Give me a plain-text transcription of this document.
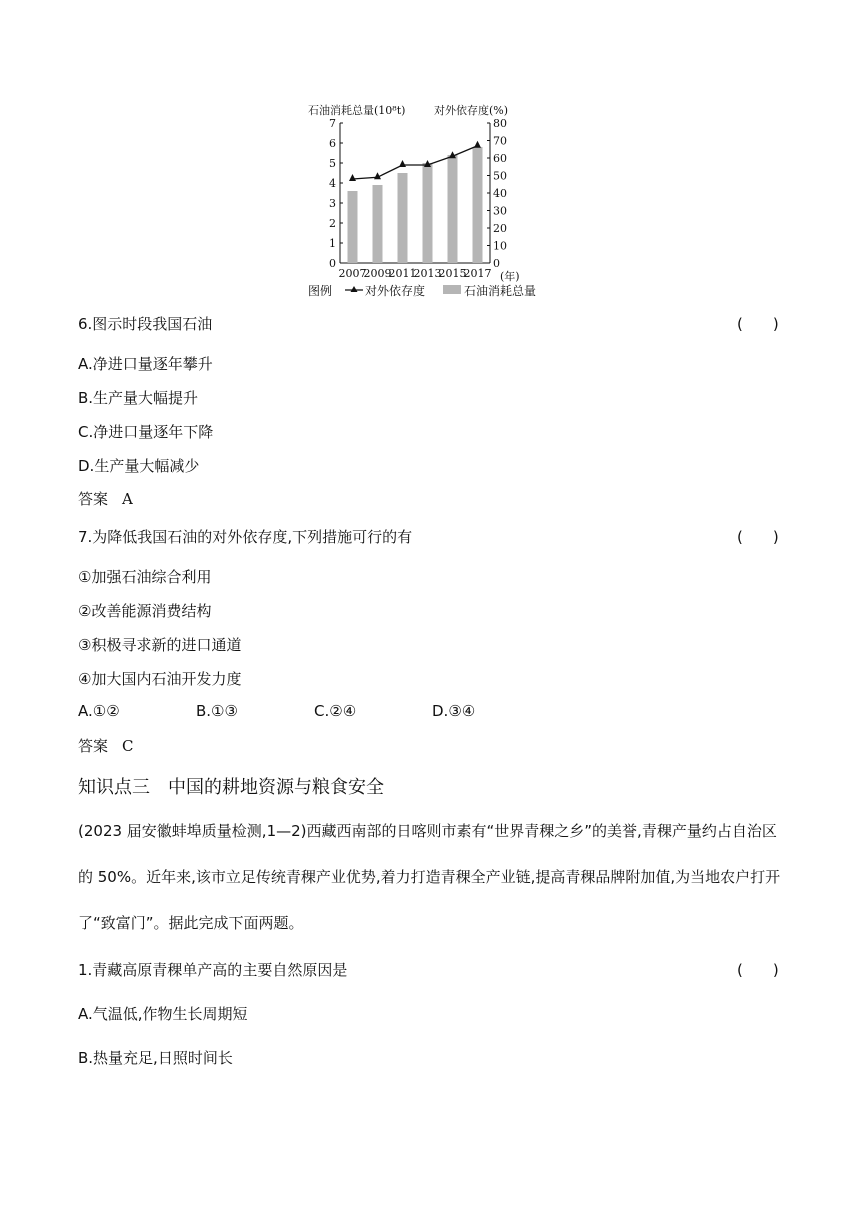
石油消耗总量(10⁸t)	对外依存度(%)
0
1
2
3
4
5
6
7
0
10
20
30
40
50
60
70
80
2007
2009
2011
2013
2015
2017 (年)
图例	对外依存度	石油消耗总量
6.图示时段我国石油	(　　)
A.净进口量逐年攀升
B.生产量大幅提升
C.净进口量逐年下降
D.生产量大幅减少
答案 A
7.为降低我国石油的对外依存度,下列措施可行的有	(　　)
①加强石油综合利用
②改善能源消费结构
③积极寻求新的进口通道
④加大国内石油开发力度
A.①②	B.①③	C.②④	D.③④
答案 C
知识点三　中国的耕地资源与粮食安全
(2023 届安徽蚌埠质量检测,1—2)西藏西南部的日喀则市素有“世界青稞之乡”的美誉,青稞产量约占自治区的 50%。近年来,该市立足传统青稞产业优势,着力打造青稞全产业链,提高青稞品牌附加值,为当地农户打开了“致富门”。据此完成下面两题。
1.青藏高原青稞单产高的主要自然原因是	(　　)
A.气温低,作物生长周期短
B.热量充足,日照时间长
